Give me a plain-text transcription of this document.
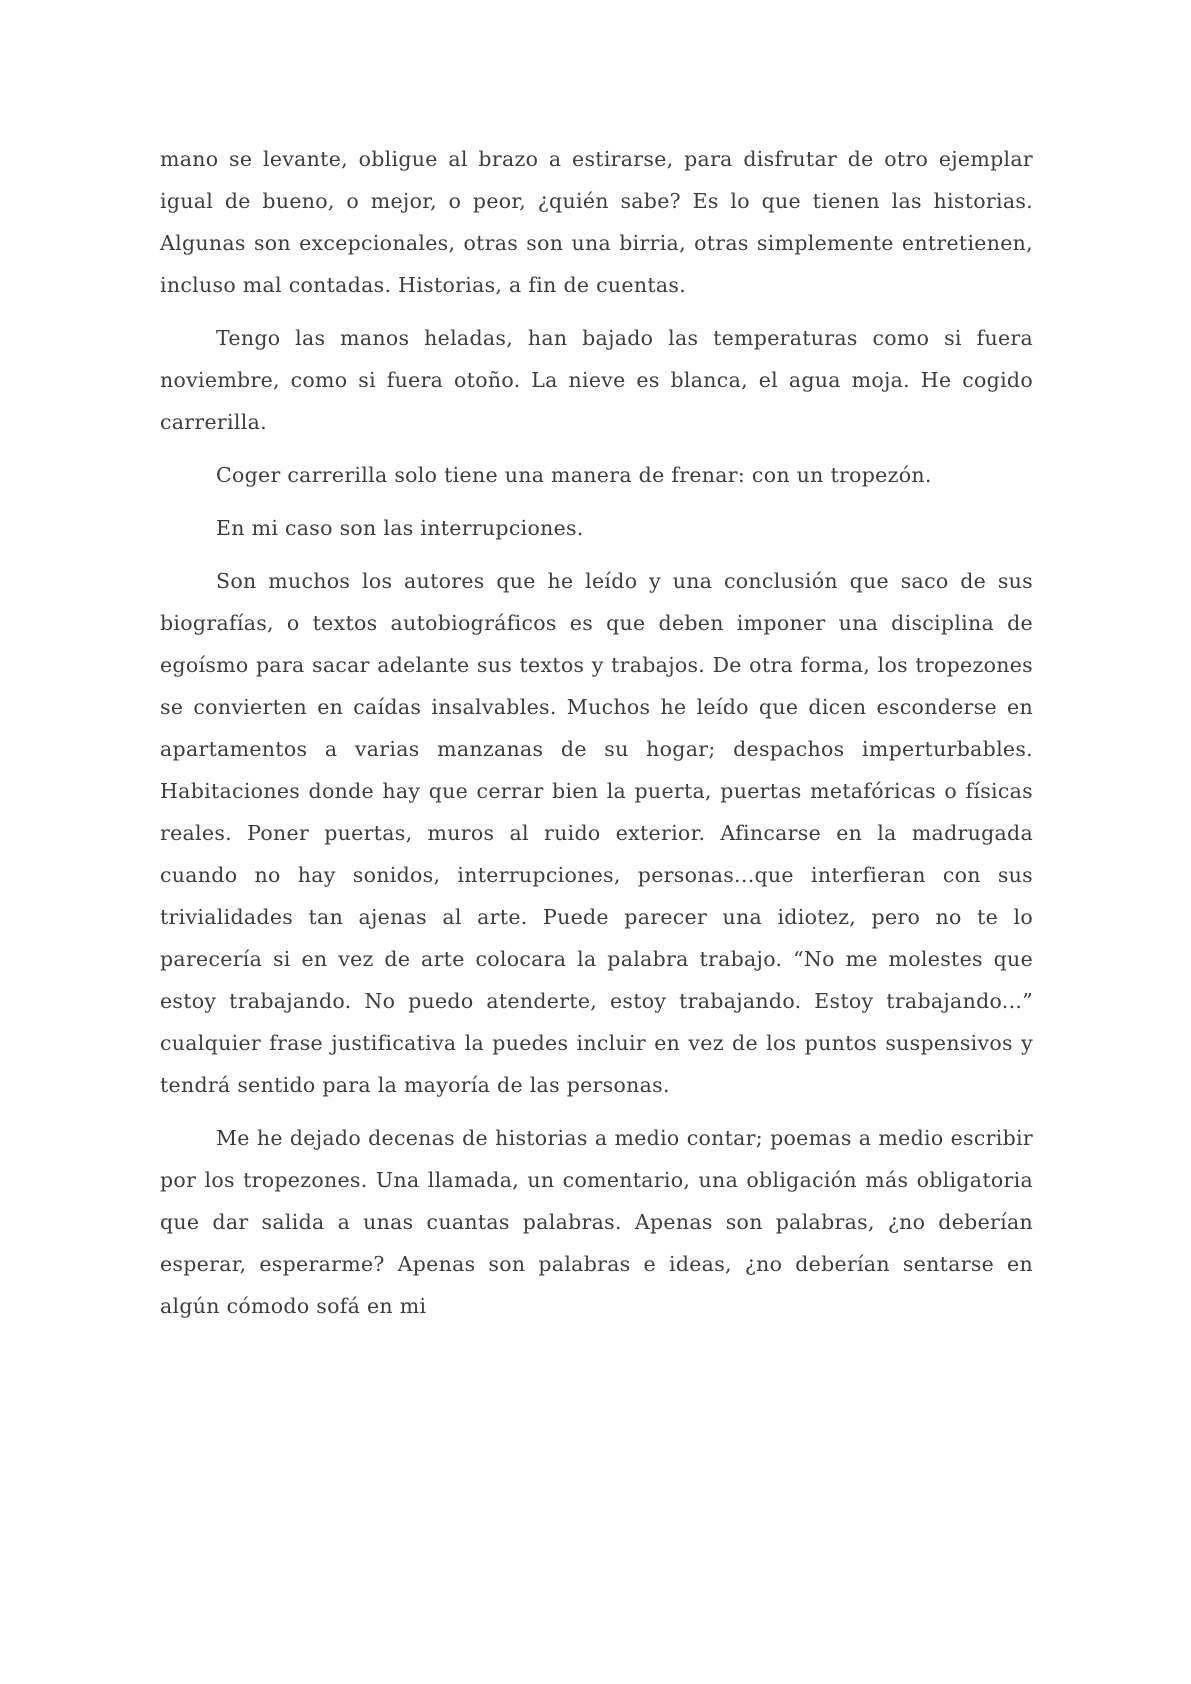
mano se levante, obligue al brazo a estirarse, para disfrutar de otro ejemplar igual de bueno, o mejor, o peor, ¿quién sabe? Es lo que tienen las historias. Algunas son excepcionales, otras son una birria, otras simplemente entretienen, incluso mal contadas. Historias, a fin de cuentas.

Tengo las manos heladas, han bajado las temperaturas como si fuera noviembre, como si fuera otoño. La nieve es blanca, el agua moja. He cogido carrerilla.

Coger carrerilla solo tiene una manera de frenar: con un tropezón.

En mi caso son las interrupciones.

Son muchos los autores que he leído y una conclusión que saco de sus biografías, o textos autobiográficos es que deben imponer una disciplina de egoísmo para sacar adelante sus textos y trabajos. De otra forma, los tropezones se convierten en caídas insalvables. Muchos he leído que dicen esconderse en apartamentos a varias manzanas de su hogar; despachos imperturbables. Habitaciones donde hay que cerrar bien la puerta, puertas metafóricas o físicas reales. Poner puertas, muros al ruido exterior. Afincarse en la madrugada cuando no hay sonidos, interrupciones, personas...que interfieran con sus trivialidades tan ajenas al arte. Puede parecer una idiotez, pero no te lo parecería si en vez de arte colocara la palabra trabajo. “No me molestes que estoy trabajando. No puedo atenderte, estoy trabajando. Estoy trabajando...” cualquier frase justificativa la puedes incluir en vez de los puntos suspensivos y tendrá sentido para la mayoría de las personas.

Me he dejado decenas de historias a medio contar; poemas a medio escribir por los tropezones. Una llamada, un comentario, una obligación más obligatoria que dar salida a unas cuantas palabras. Apenas son palabras, ¿no deberían esperar, esperarme? Apenas son palabras e ideas, ¿no deberían sentarse en algún cómodo sofá en mi
